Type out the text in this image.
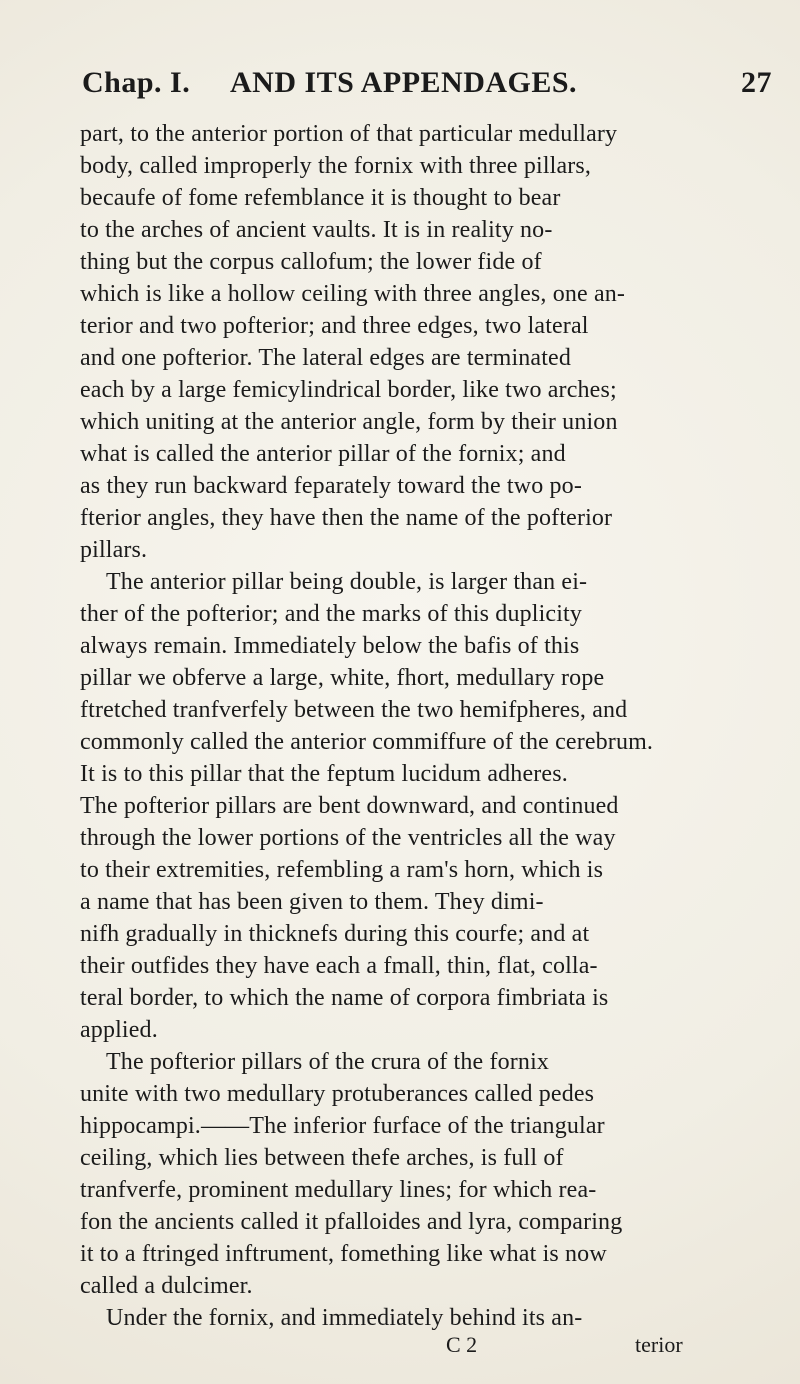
Chap. I. AND ITS APPENDAGES.	27

part, to the anterior portion of that particular medullary
body, called improperly the fornix with three pillars,
becaufe of fome refemblance it is thought to bear
to the arches of ancient vaults. It is in reality no-
thing but the corpus callofum; the lower fide of
which is like a hollow ceiling with three angles, one an-
terior and two pofterior; and three edges, two lateral
and one pofterior. The lateral edges are terminated
each by a large femicylindrical border, like two arches;
which uniting at the anterior angle, form by their union
what is called the anterior pillar of the fornix; and
as they run backward feparately toward the two po-
fterior angles, they have then the name of the pofterior
pillars.

The anterior pillar being double, is larger than ei-
ther of the pofterior; and the marks of this duplicity
always remain. Immediately below the bafis of this
pillar we obferve a large, white, fhort, medullary rope
ftretched tranfverfely between the two hemifpheres, and
commonly called the anterior commiffure of the cerebrum.
It is to this pillar that the feptum lucidum adheres.
The pofterior pillars are bent downward, and continued
through the lower portions of the ventricles all the way
to their extremities, refembling a ram's horn, which is
a name that has been given to them. They dimi-
nifh gradually in thicknefs during this courfe; and at
their outfides they have each a fmall, thin, flat, colla-
teral border, to which the name of corpora fimbriata is
applied.

The pofterior pillars of the crura of the fornix
unite with two medullary protuberances called pedes
hippocampi.——The inferior furface of the triangular
ceiling, which lies between thefe arches, is full of
tranfverfe, prominent medullary lines; for which rea-
fon the ancients called it pfalloides and lyra, comparing
it to a ftringed inftrument, fomething like what is now
called a dulcimer.

Under the fornix, and immediately behind its an-

C 2	terior
